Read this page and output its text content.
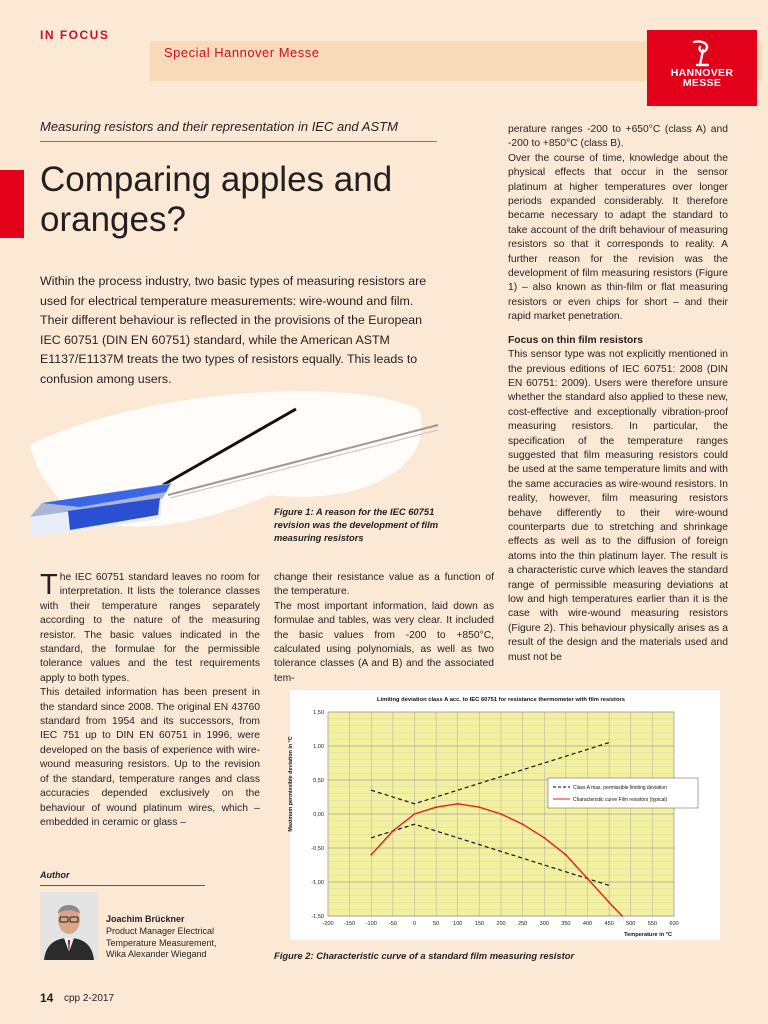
IN FOCUS
Special Hannover Messe
HANNOVER
MESSE
Measuring resistors and their representation in IEC and ASTM
Comparing apples and oranges?
Within the process industry, two basic types of measuring resistors are used for electrical temperature measurements: wire-wound and film. Their different behaviour is reflected in the provisions of the European IEC 60751 (DIN EN 60751) standard, while the American ASTM E1137/E1137M treats the two types of resistors equally. This leads to confusion among users.
Figure 1: A reason for the IEC 60751 revision was the development of film measuring resistors
The IEC 60751 standard leaves no room for interpretation. It lists the tolerance classes with their temperature ranges separately according to the nature of the measuring resistor. The basic values indicated in the standard, the formulae for the permissible tolerance values and the test requirements apply to both types.
This detailed information has been present in the standard since 2008. The original EN 43760 standard from 1954 and its successors, from IEC 751 up to DIN EN 60751 in 1996, were developed on the basis of experience with wire-wound measuring resistors. Up to the revision of the standard, temperature ranges and class accuracies depended exclusively on the behaviour of wound platinum wires, which – embedded in ceramic or glass –
change their resistance value as a function of the temperature.
The most important information, laid down as formulae and tables, was very clear. It included the basic values from -200 to +850°C, calculated using polynomials, as well as two tolerance classes (A and B) and the associated tem-
perature ranges -200 to +650°C (class A) and -200 to +850°C (class B).
Over the course of time, knowledge about the physical effects that occur in the sensor platinum at higher temperatures over longer periods expanded considerably. It therefore became necessary to adapt the standard to take account of the drift behaviour of measuring resistors so that it corresponds to reality. A further reason for the revision was the development of film measuring resistors (Figure 1) – also known as thin-film or flat measuring resistors or even chips for short – and their rapid market penetration.
Focus on thin film resistors
This sensor type was not explicitly mentioned in the previous editions of IEC 60751: 2008 (DIN EN 60751: 2009). Users were therefore unsure whether the standard also applied to these new, cost-effective and exceptionally vibration-proof measuring resistors. In particular, the specification of the temperature ranges suggested that film measuring resistors could be used at the same temperature limits and with the same accuracies as wire-wound resistors. In reality, however, film measuring resistors behave differently to their wire-wound counterparts due to stretching and shrinkage effects as well as to the diffusion of foreign atoms into the thin platinum layer. The result is a characteristic curve which leaves the standard range of permissible measuring deviations at low and high temperatures earlier than it is the case with wire-wound measuring resistors (Figure 2). This behaviour physically arises as a result of the design and the materials used and must not be
-200 -150 -100 -50	0	50 100 150 200 250 300 350 400 450 500 550 600
1,50
1,00
0,50
0,00
-0,50
-1,00
-1,50
Limiting deviation class A acc. to IEC 60751 for resistance thermometer with film resistors
Temperature in °C
Maximum permissible deviation in °C	Class A max. permissible limiting deviation
Characteristic curve Film resistors (typical)
Figure 2: Characteristic curve of a standard film measuring resistor
Author
Joachim Brückner
Product Manager Electrical
Temperature Measurement,
Wika Alexander Wiegand
14 cpp 2-2017
